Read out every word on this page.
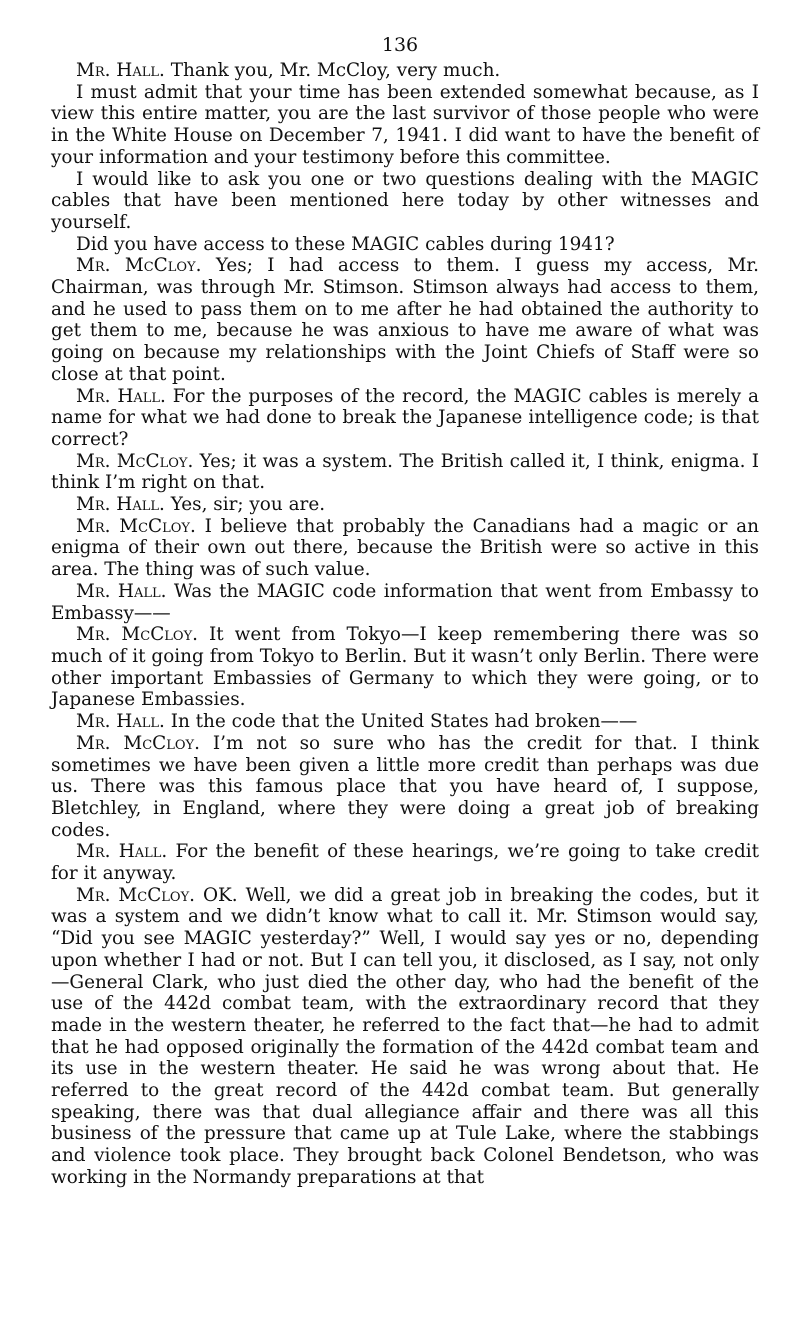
136

Mr. Hall. Thank you, Mr. McCloy, very much.

I must admit that your time has been extended somewhat because, as I view this entire matter, you are the last survivor of those people who were in the White House on December 7, 1941. I did want to have the benefit of your information and your testimony before this committee.

I would like to ask you one or two questions dealing with the MAGIC cables that have been mentioned here today by other witnesses and yourself.

Did you have access to these MAGIC cables during 1941?

Mr. McCloy. Yes; I had access to them. I guess my access, Mr. Chairman, was through Mr. Stimson. Stimson always had access to them, and he used to pass them on to me after he had obtained the authority to get them to me, because he was anxious to have me aware of what was going on because my relationships with the Joint Chiefs of Staff were so close at that point.

Mr. Hall. For the purposes of the record, the MAGIC cables is merely a name for what we had done to break the Japanese intelligence code; is that correct?

Mr. McCloy. Yes; it was a system. The British called it, I think, enigma. I think I’m right on that.

Mr. Hall. Yes, sir; you are.

Mr. McCloy. I believe that probably the Canadians had a magic or an enigma of their own out there, because the British were so active in this area. The thing was of such value.

Mr. Hall. Was the MAGIC code information that went from Embassy to Embassy——

Mr. McCloy. It went from Tokyo—I keep remembering there was so much of it going from Tokyo to Berlin. But it wasn’t only Berlin. There were other important Embassies of Germany to which they were going, or to Japanese Embassies.

Mr. Hall. In the code that the United States had broken——

Mr. McCloy. I’m not so sure who has the credit for that. I think sometimes we have been given a little more credit than perhaps was due us. There was this famous place that you have heard of, I suppose, Bletchley, in England, where they were doing a great job of breaking codes.

Mr. Hall. For the benefit of these hearings, we’re going to take credit for it anyway.

Mr. McCloy. OK. Well, we did a great job in breaking the codes, but it was a system and we didn’t know what to call it. Mr. Stimson would say, “Did you see MAGIC yesterday?” Well, I would say yes or no, depending upon whether I had or not. But I can tell you, it disclosed, as I say, not only—General Clark, who just died the other day, who had the benefit of the use of the 442d combat team, with the extraordinary record that they made in the western theater, he referred to the fact that—he had to admit that he had opposed originally the formation of the 442d combat team and its use in the western theater. He said he was wrong about that. He referred to the great record of the 442d combat team. But generally speaking, there was that dual allegiance affair and there was all this business of the pressure that came up at Tule Lake, where the stabbings and violence took place. They brought back Colonel Bendetson, who was working in the Normandy preparations at that
